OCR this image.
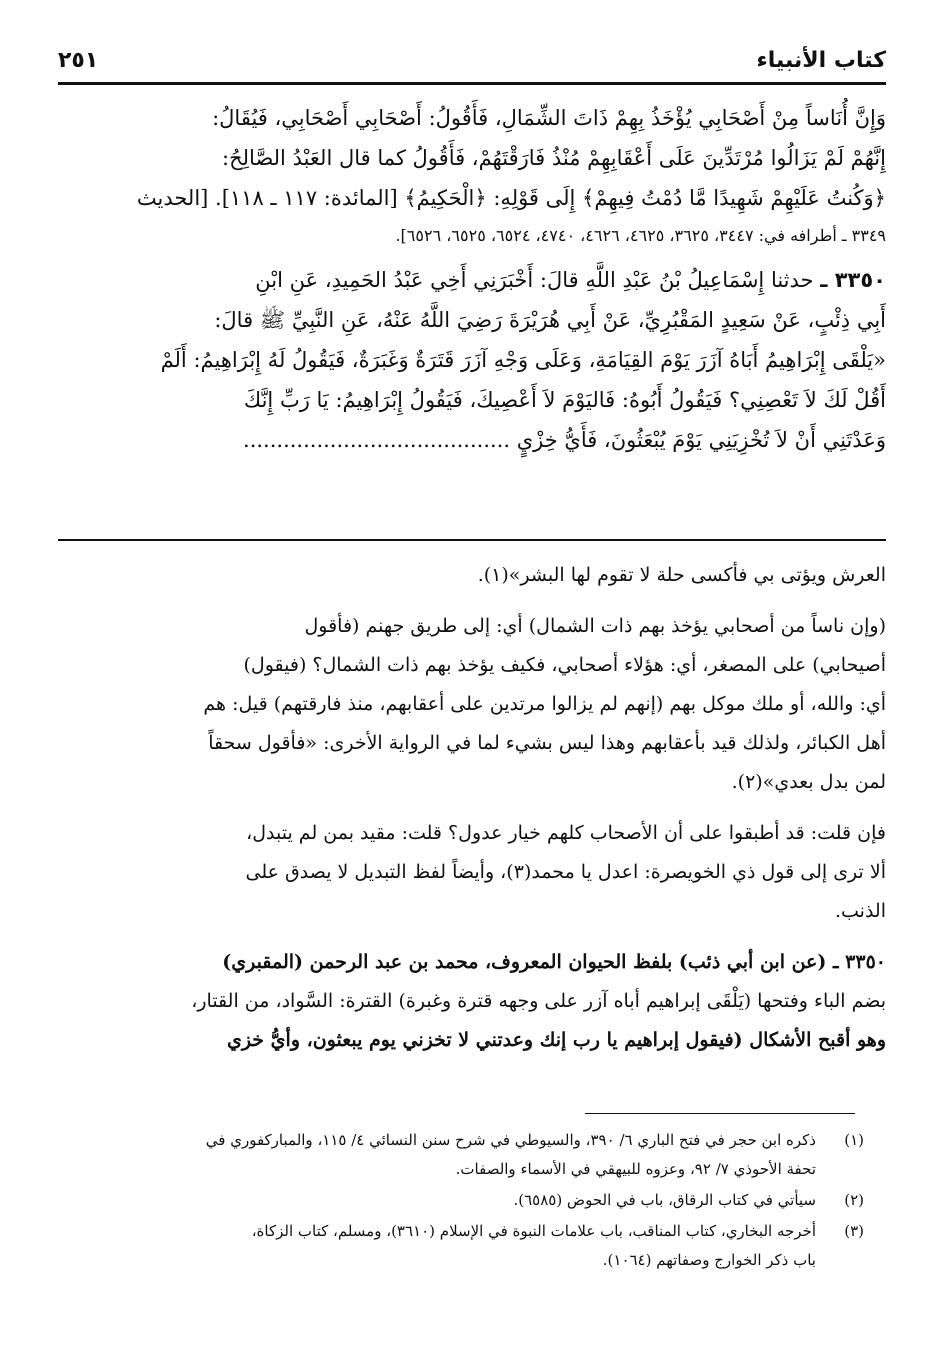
كتاب الأنبياء
٢٥١
وَإِنَّ أُنَاساً مِنْ أَصْحَابِي يُؤْخَذُ بِهِمْ ذَاتَ الشِّمَالِ، فَأَقُولُ: أَصْحَابِي أَصْحَابِي، فَيُقَالُ:
إِنَّهُمْ لَمْ يَزَالُوا مُرْتَدِّينَ عَلَى أَعْقَابِهِمْ مُنْذُ فَارَقْتَهُمْ، فَأَقُولُ كما قال العَبْدُ الصَّالِحُ:
﴿وَكُنتُ عَلَيْهِمْ شَهِيدًا مَّا دُمْتُ فِيهِمْ﴾ إِلَى قَوْلِهِ: ﴿الْحَكِيمُ﴾ [المائدة: ١١٧ ـ ١١٨]. [الحديث
٣٣٤٩ ـ أطرافه في: ٣٤٤٧، ٣٦٢٥، ٤٦٢٥، ٤٦٢٦، ٤٧٤٠، ٦٥٢٤، ٦٥٢٥، ٦٥٢٦].
٣٣٥٠ ـ حدثنا إِسْمَاعِيلُ بْنُ عَبْدِ اللَّهِ قالَ: أَخْبَرَنِي أَخِي عَبْدُ الحَمِيدِ، عَنِ ابْنِ
أَبِي ذِئْبٍ، عَنْ سَعِيدٍ المَقْبُرِيِّ، عَنْ أَبِي هُرَيْرَةَ رَضِيَ اللَّهُ عَنْهُ، عَنِ النَّبِيِّ ﷺ قالَ:
«يَلْقَى إِبْرَاهِيمُ أَبَاهُ آزَرَ يَوْمَ القِيَامَةِ، وَعَلَى وَجْهِ آزَرَ قَتَرَةٌ وَغَبَرَةٌ، فَيَقُولُ لَهُ إِبْرَاهِيمُ: أَلَمْ
أَقُلْ لَكَ لاَ تَعْصِنِي؟ فَيَقُولُ أَبُوهُ: فَاليَوْمَ لاَ أَعْصِيكَ، فَيَقُولُ إِبْرَاهِيمُ: يَا رَبِّ إِنَّكَ
وَعَدْتَنِي أَنْ لاَ تُخْزِيَنِي يَوْمَ يُبْعَثُونَ، فَأَيُّ خِزْيٍ ........................................
العرش ويؤتى بي فأكسى حلة لا تقوم لها البشر»(١).
(وإن ناساً من أصحابي يؤخذ بهم ذات الشمال) أي: إلى طريق جهنم (فأقول
أصيحابي) على المصغر، أي: هؤلاء أصحابي، فكيف يؤخذ بهم ذات الشمال؟ (فيقول)
أي: والله، أو ملك موكل بهم (إنهم لم يزالوا مرتدين على أعقابهم، منذ فارقتهم) قيل: هم
أهل الكبائر، ولذلك قيد بأعقابهم وهذا ليس بشيء لما في الرواية الأخرى: «فأقول سحقاً
لمن بدل بعدي»(٢).
فإن قلت: قد أطبقوا على أن الأصحاب كلهم خيار عدول؟ قلت: مقيد بمن لم يتبدل،
ألا ترى إلى قول ذي الخويصرة: اعدل يا محمد(٣)، وأيضاً لفظ التبديل لا يصدق على
الذنب.
٣٣٥٠ ـ (عن ابن أبي ذئب) بلفظ الحيوان المعروف، محمد بن عبد الرحمن (المقبري)
بضم الباء وفتحها (يَلْقَى إبراهيم أباه آزر على وجهه قترة وغبرة) القترة: السَّواد، من القتار،
وهو أقبح الأشكال (فيقول إبراهيم يا رب إنك وعدتني لا تخزني يوم يبعثون، وأيُّ خزي
(١)
ذكره ابن حجر في فتح الباري ٦/ ٣٩٠، والسيوطي في شرح سنن النسائي ٤/ ١١٥، والمباركفوري في
تحفة الأحوذي ٧/ ٩٢، وعزوه للبيهقي في الأسماء والصفات.
(٢)
سيأتي في كتاب الرقاق، باب في الحوض (٦٥٨٥).
(٣)
أخرجه البخاري، كتاب المناقب، باب علامات النبوة في الإسلام (٣٦١٠)، ومسلم، كتاب الزكاة،
باب ذكر الخوارج وصفاتهم (١٠٦٤).
